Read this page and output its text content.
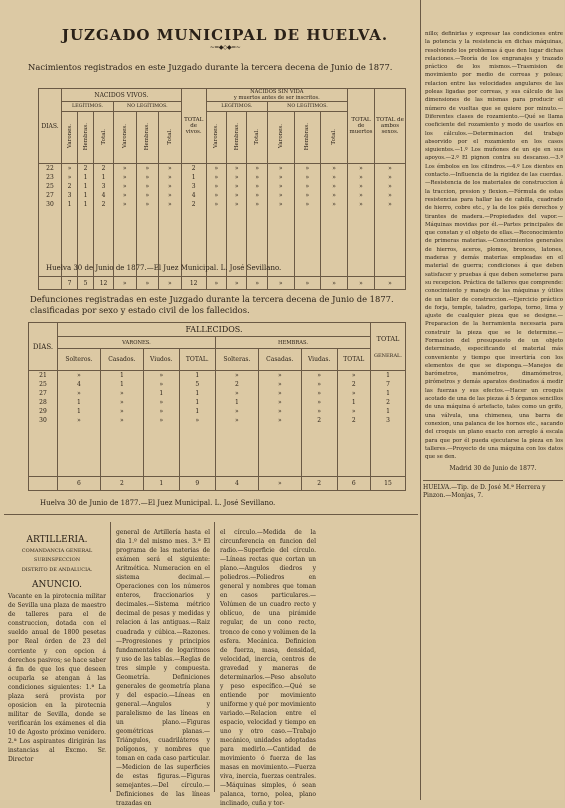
JUZGADO MUNICIPAL DE HUELVA.
~=◆◇◆=~
Nacimientos registrados en este Juzgado durante la tercera decena de Junio de 1877.
DIAS.	NACIDOS VIVOS.						TOTAL de vivos.	NACIDOS SIN VIDA
y muertos antes de ser inscritos.						TOTAL de muertos	TOTAL de ambos sexos.
	LEGÍTIMOS.			NO LEGÍTIMOS.				LEGÍTIMOS.			NO LEGÍTIMOS.				
	Varones.	Hembras.	Total.	Varones.	Hembras.	Total.		Varones.	Hembras.	Total.	Varones.	Hembras.	Total.		
22	»	2	2	»	»	»	2	»	»	»	»	»	»	»	»
23	»	1	1	»	»	»	1	»	»	»	»	»	»	»	»
25	2	1	3	»	»	»	3	»	»	»	»	»	»	»	»
27	3	1	4	»	»	»	4	»	»	»	»	»	»	»	»
30	1	1	2	»	»	»	2	»	»	»	»	»	»	»	»

	7	5	12	»	»	»	12	»	»	»	»	»	»	»	»
Huelva 30 de Junio de 1877.—El Juez Municipal. L. José Sevillano.
Defunciones registradas en este Juzgado durante la tercera decena de Junio de 1877.
clasificadas por sexo y estado civil de los fallecidos.
DIAS.	FALLECIDOS.								TOTAL

GENERAL.
	VARONES.				HEMBRAS.				
	Solteros.	Casados.	Viudos.	TOTAL.	Solteras.	Casadas.	Viudas.	TOTAL	
21	»	1	»	1	»	»	»	»	1
25	4	1	»	5	2	»	»	2	7
27	»	»	1	1	»	»	»	»	1
28	1	»	»	1	1	»	»	1	2
29	1	»	»	1	»	»	»	»	1
30	»	»	»	»	»	»	2	2	3

	6	2	1	9	4	»	2	6	15
Huelva 30 de Junio de 1877.—El Juez Municipal. L. José Sevillano.
ARTILLERIA.
COMANDANCIA GENERAL SUBINSPECCION
DISTRITO DE ANDALUCIA.
ANUNCIO.
Vacante en la pirotecnia militar de Sevilla una plaza de maestro de talleres para el de construccion, dotada con el sueldo anual de 1800 pesetas por Real órden de 23 del corriente y con opcion á derechos pasivos; se hace saber á fin de que los que deseen ocuparla se atengan á las condiciones siguientes: 1.ª La plaza será provista por oposicion en la pirotecnia militar de Sevilla, donde se verificarán los exámenes el dia 10 de Agosto próximo venidero. 2.ª Los aspirantes dirigirán las instancias al Excmo. Sr. Director
general de Artillería hasta el dia 1.º del mismo mes. 3.ª El programa de las materias de exámen será el siguiente: Aritmética. Numeracion en el sistema decimal.—Operaciones con los números enteros, fraccionarios y decimales.—Sistema métrico decimal de pesas y medidas y relacion á las antiguas.—Raiz cuadrada y cúbica.—Razones.—Progresiones y principios fundamentales de logaritmos y uso de las tablas.—Reglas de tres simple y compuesta. Geometría. Definiciones generales de geometría plana y del espacio.—Líneas en general.—Angulos y paralelismo de las líneas en un plano.—Figuras geométricas planas.—Triángulos, cuadriláteros y polígonos, y nombres que toman en cada caso particular.—Medicion de las superficies de estas figuras.—Figuras semejantes.—Del círculo.—Definiciones de las líneas trazadas en
el círculo.—Medida de la circunferencia en funcion del radio.—Superficie del círculo.—Líneas rectas que cortan un plano.—Angulos diedros y poliedros.—Poliedros en general y nombres que toman en casos particulares.—Volúmen de un cuadro recto y oblícuo, de una pirámide regular, de un cono recto, tronco de cono y volúmen de la esfera. Mecánica. Definicion de fuerza, masa, densidad, velocidad, inercia, centros de gravedad y maneras de determinarlos.—Peso absoluto y peso específico.—Qué se entiende por movimiento uniforme y qué por movimiento variado.—Relacion entre el espacio, velocidad y tiempo en uno y otro caso.—Trabajo mecánico, unidades adoptadas para medirlo.—Cantidad de movimiento ó fuerza de las masas en movimiento.—Fuerza viva, inercia, fuerzas centrales.—Máquinas simples, ó sean palanca, torno, polea, plano inclinado, cuña y tor-

nillo; definirlas y expresar las condiciones entre la potencia y la resistencia en dichas máquinas, resolviendo los problemas á que den lugar dichas relaciones.—Teoría de los engranajes y trazado práctico de los mismos.—Trasmision de movimiento por medio de correas y poleas; relacion entre las velocidades angulares de las poleas ligadas por correas, y sus cálculo de las dimensiones de las mismas para producir el número de vueltas que se quiere por minuto.—Diferentes clases de rozamiento.—Qué se llama coeficiente del rozamiento y modo de usarlos en los cálculos.—Determinacion del trabajo absorvido por el rozamiento en los casos siguientes.—1.º Los muñones de un eje en sus apoyos.—2.º El pignon contra su descanso.—3.º Los émbolos en los cilindros.—4.º Los dientes en contacto.—Influencia de la rigidez de las cuerdas.—Resistencia de los materiales de construccion á la traccion, presion y flexion.—Fórmula de estas resistencias para hallar las de cabilla, cuadrado de hierro, cobre etc., y la de los piés derechos y tirantes de madera.—Propiedades del vapor.—Máquinas movidas por él.—Partes principales de que constan y el objeto de ellas.—Reconocimiento de primeras materias.—Conocimientos generales de hierros, aceros, plomos, bronces, latones, maderas y demás materias empleadas en el material de guerra; condiciones á que deben satisfacer y pruebas á que deben someterse para su recepcion. Práctica de talleres que comprende: conocimiento y manejo de las máquinas y útiles de un taller de construccion.—Ejercicio práctico de forja, temple, taladro, garlopa, torno, lima y ajuste de cualquier pieza que se designe.—Preparacion de la herramienta necesaria para construir la pieza que se le determine.—Formacion del presupuesto de un objeto determinado, especificando el material más conveniente y tiempo que invertiría con los elementos de que se disponga.—Manejos de barómetros, manómetros, dinamómetros, pirómetros y demás aparatos destinados á medir las fuerzas y sus efectos.—Hacer un croquis acotado de una de las piezas á 5 órganos sencillos de una máquina ó artefacto, tales como un grifo, una válvula, una chimenea, una barra de conexion, una palanca de los hornos etc., sacando del croquis un plano exacto con arreglo á escala para que por él pueda ejecutarse la pieza en los talleres.—Proyecto de una máquina con los datos que se den.

Madrid 30 de Junio de 1877.
HUELVA.—Tip. de D. José M.ª Herrera y Pinzon.—Monjas, 7.
